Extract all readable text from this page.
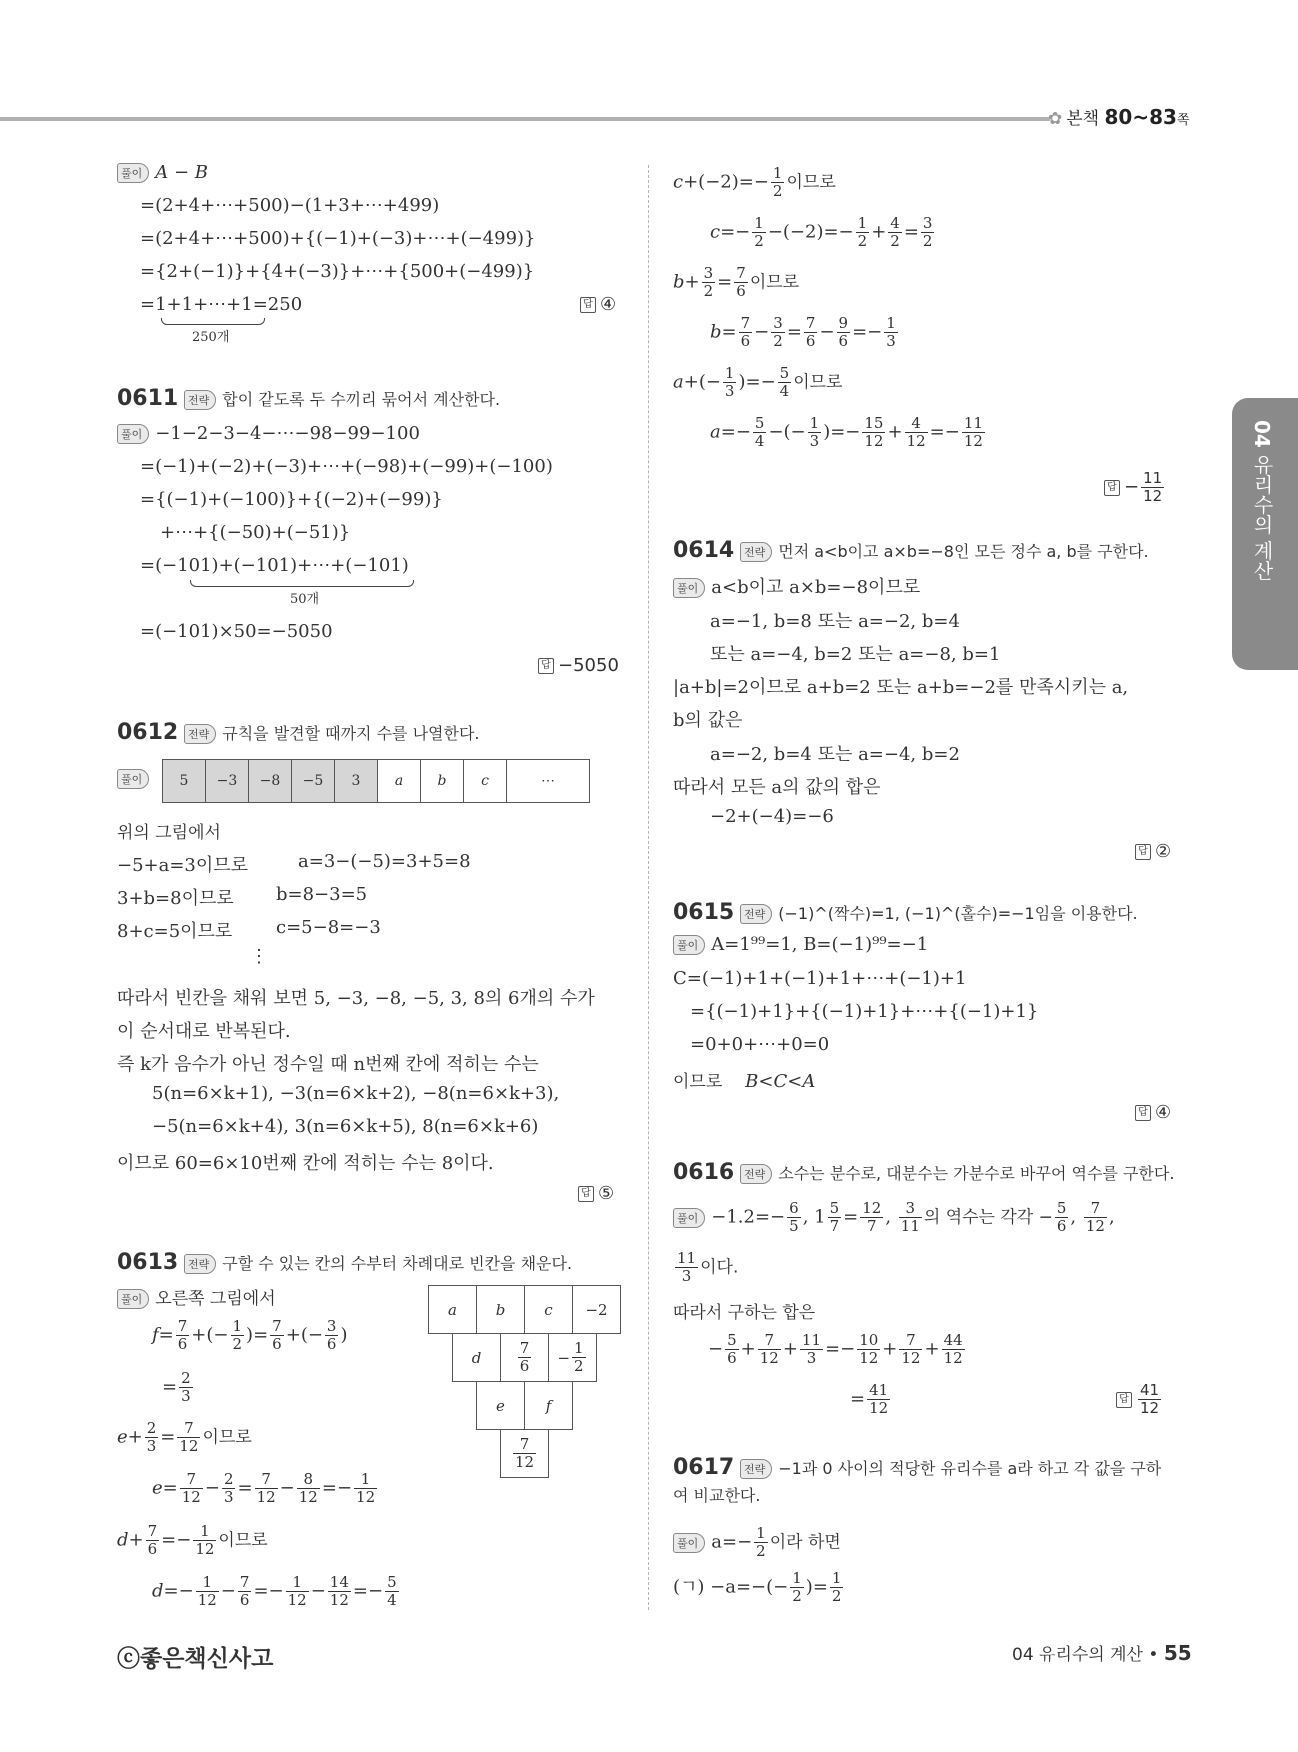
✿ 본책 80~83쪽
04 유리수의 계산
풀이 A − B
=(2+4+⋯+500)−(1+3+⋯+499)
=(2+4+⋯+500)+{(−1)+(−3)+⋯+(−499)}
={2+(−1)}+{4+(−3)}+⋯+{500+(−499)}
=1+1+⋯+1=250
250개
답 ④
0611 전략 합이 같도록 두 수끼리 묶어서 계산한다.
풀이 −1−2−3−4−⋯−98−99−100
=(−1)+(−2)+(−3)+⋯+(−98)+(−99)+(−100)
={(−1)+(−100)}+{(−2)+(−99)}
+⋯+{(−50)+(−51)}
=(−101)+(−101)+⋯+(−101)
50개
=(−101)×50=−5050
답 −5050
0612 전략 규칙을 발견할 때까지 수를 나열한다.
풀이	5	−3	−8	−5	3	a	b	c	⋯
위의 그림에서
−5+a=3이므로	a=3−(−5)=3+5=8
3+b=8이므로 b=8−3=5
8+c=5이므로 c=5−8=−3
⋮
따라서 빈칸을 채워 보면 5, −3, −8, −5, 3, 8의 6개의 수가
이 순서대로 반복된다.
즉 k가 음수가 아닌 정수일 때 n번째 칸에 적히는 수는
5(n=6×k+1), −3(n=6×k+2), −8(n=6×k+3),
−5(n=6×k+4), 3(n=6×k+5), 8(n=6×k+6)
이므로 60=6×10번째 칸에 적히는 수는 8이다.
답 ⑤
0613 전략 구할 수 있는 칸의 수부터 차례대로 빈칸을 채운다.
풀이 오른쪽 그림에서
$f= \frac{7}{6}$ +(− $\frac{1}{2}$ )= $\frac{7}{6}$ +(− $\frac{3}{6}$ )
= $\frac{2}{3}$
$e+ \frac{2}{3} = \frac{7}{12}$ 이므로
$e= \frac{7}{12} - \frac{2}{3} = \frac{7}{12} - \frac{8}{12} =- \frac{1}{12}$
$d+ \frac{7}{6} =- \frac{1}{12}$ 이므로
$d=- \frac{1}{12} - \frac{7}{6} =- \frac{1}{12} - \frac{14}{12} =- \frac{5}{4}$
a	b	c	−2
d	$\frac{7}{6}$	− $\frac{1}{2}$
e	f
$\frac{7}{12}$
$c+(-2)=- \frac{1}{2}$ 이므로
$c=- \frac{1}{2} -(-2)=- \frac{1}{2} + \frac{4}{2} = \frac{3}{2}$
$b+ \frac{3}{2} = \frac{7}{6}$ 이므로
$b= \frac{7}{6} - \frac{3}{2} = \frac{7}{6} - \frac{9}{6} =- \frac{1}{3}$
$a+(- \frac{1}{3}$ )=− $\frac{5}{4}$ 이므로
$a=- \frac{5}{4}$ −(− $\frac{1}{3}$ )=− $\frac{15}{12} + \frac{4}{12} =- \frac{11}{12}$
답 − $\frac{11}{12}$
0614 전략 먼저 a<b이고 a×b=−8인 모든 정수 a, b를 구한다.
풀이 a<b이고 a×b=−8이므로
a=−1, b=8 또는 a=−2, b=4
또는 a=−4, b=2 또는 a=−8, b=1
|a+b|=2이므로 a+b=2 또는 a+b=−2를 만족시키는 a,
b의 값은
a=−2, b=4 또는 a=−4, b=2
따라서 모든 a의 값의 합은
−2+(−4)=−6
답 ②
0615 전략 (−1)^(짝수)=1, (−1)^(홀수)=−1임을 이용한다.
풀이 A=1⁹⁹=1, B=(−1)⁹⁹=−1
C=(−1)+1+(−1)+1+⋯+(−1)+1
={(−1)+1}+{(−1)+1}+⋯+{(−1)+1}
=0+0+⋯+0=0
이므로 B<C<A
답 ④
0616 전략 소수는 분수로, 대분수는 가분수로 바꾸어 역수를 구한다.
풀이 $-1.2=- \frac{6}{5}$ , $1 \frac{5}{7} = \frac{12}{7}$ , $\frac{3}{11}$ 의 역수는 각각 − $\frac{5}{6}$ , $\frac{7}{12}$ ,
$\frac{11}{3}$ 이다.
따라서 구하는 합은
− $\frac{5}{6} + \frac{7}{12} + \frac{11}{3} =- \frac{10}{12} + \frac{7}{12} + \frac{44}{12}$
= $\frac{41}{12}$	답 $\frac{41}{12}$
0617 전략 −1과 0 사이의 적당한 유리수를 a라 하고 각 값을 구하
여 비교한다.
풀이 $a=- \frac{1}{2}$ 이라 하면
(ㄱ) $-a=-(- \frac{1}{2}$ )= $\frac{1}{2}$
ⓒ좋은책신사고	04 유리수의 계산 • 55
